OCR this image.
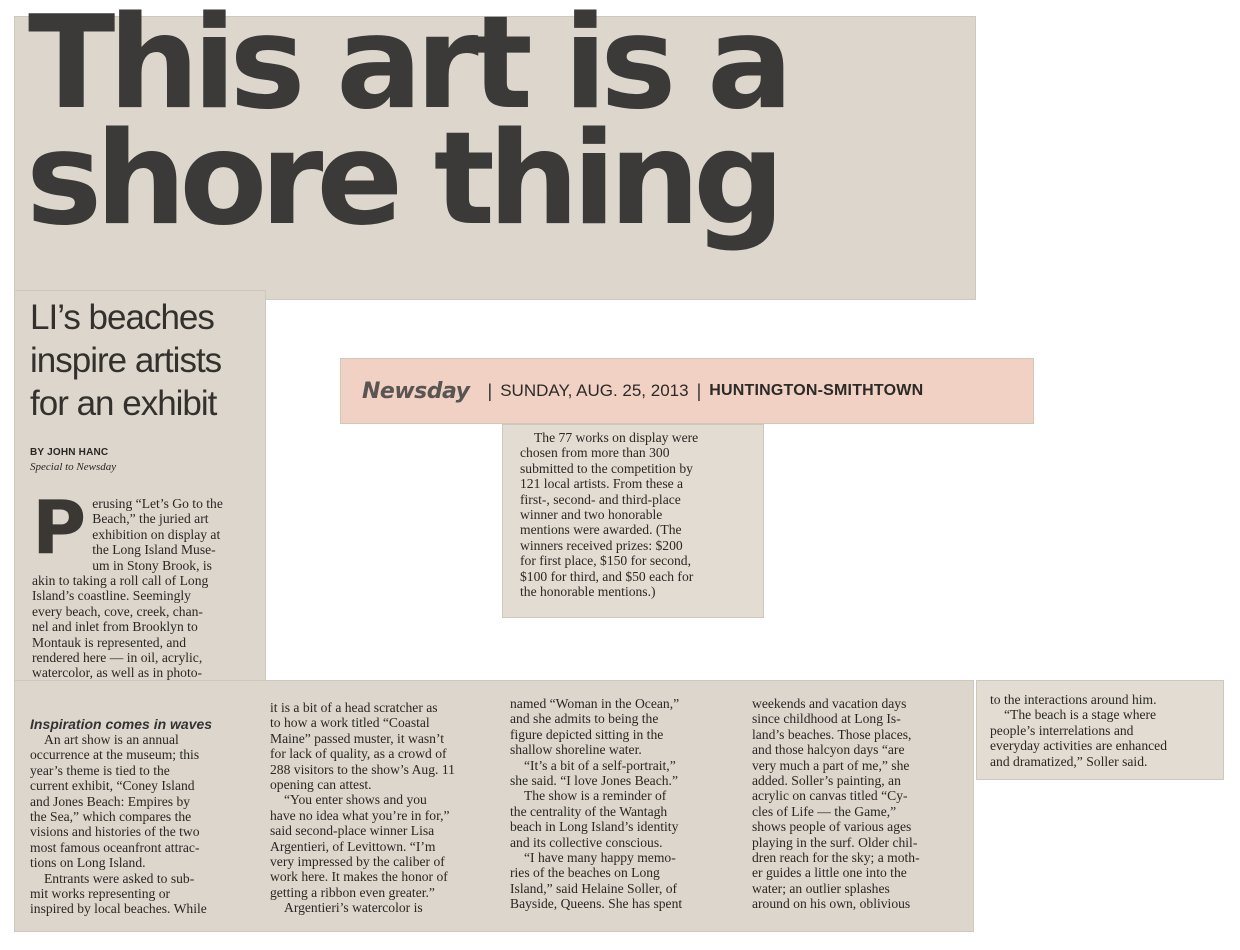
This art is a
shore thing
LI’s beaches
inspire artists
for an exhibit
BY JOHN HANC
Special to Newsday
P erusing “Let’s Go to the
Beach,” the juried art
exhibition on display at
the Long Island Muse-
um in Stony Brook, is
akin to taking a roll call of Long
Island’s coastline. Seemingly
every beach, cove, creek, chan-
nel and inlet from Brooklyn to
Montauk is represented, and
rendered here — in oil, acrylic,
watercolor, as well as in photo-
Newsday | SUNDAY, AUG. 25, 2013 | HUNTINGTON-SMITHTOWN
The 77 works on display were
chosen from more than 300
submitted to the competition by
121 local artists. From these a
first-, second- and third-place
winner and two honorable
mentions were awarded. (The
winners received prizes: $200
for first place, $150 for second,
$100 for third, and $50 each for
the honorable mentions.)
Inspiration comes in waves
An art show is an annual
occurrence at the museum; this
year’s theme is tied to the
current exhibit, “Coney Island
and Jones Beach: Empires by
the Sea,” which compares the
visions and histories of the two
most famous oceanfront attrac-
tions on Long Island.
Entrants were asked to sub-
mit works representing or
inspired by local beaches. While
it is a bit of a head scratcher as
to how a work titled “Coastal
Maine” passed muster, it wasn’t
for lack of quality, as a crowd of
288 visitors to the show’s Aug. 11
opening can attest.
“You enter shows and you
have no idea what you’re in for,”
said second-place winner Lisa
Argentieri, of Levittown. “I’m
very impressed by the caliber of
work here. It makes the honor of
getting a ribbon even greater.”
Argentieri’s watercolor is
named “Woman in the Ocean,”
and she admits to being the
figure depicted sitting in the
shallow shoreline water.
“It’s a bit of a self-portrait,”
she said. “I love Jones Beach.”
The show is a reminder of
the centrality of the Wantagh
beach in Long Island’s identity
and its collective conscious.
“I have many happy memo-
ries of the beaches on Long
Island,” said Helaine Soller, of
Bayside, Queens. She has spent
weekends and vacation days
since childhood at Long Is-
land’s beaches. Those places,
and those halcyon days “are
very much a part of me,” she
added. Soller’s painting, an
acrylic on canvas titled “Cy-
cles of Life — the Game,”
shows people of various ages
playing in the surf. Older chil-
dren reach for the sky; a moth-
er guides a little one into the
water; an outlier splashes
around on his own, oblivious
to the interactions around him.
“The beach is a stage where
people’s interrelations and
everyday activities are enhanced
and dramatized,” Soller said.
